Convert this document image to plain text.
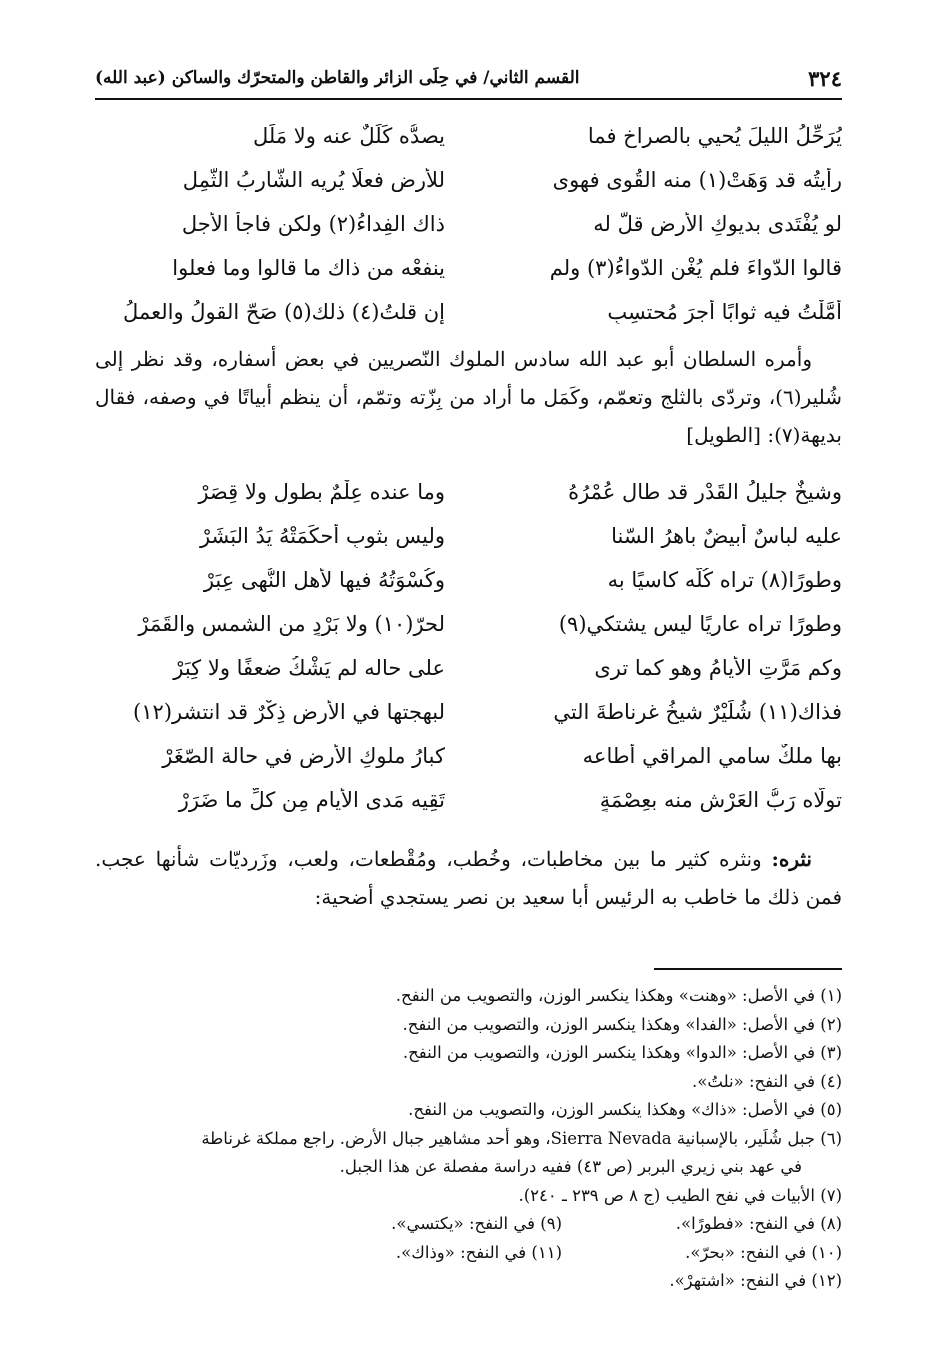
٣٢٤
القسم الثاني/ في حِلَى الزائر والقاطن والمتحرّك والساكن (عبد الله)
يُرَحِّلُ الليلَ يُحيي بالصراخ فما
يصدُّه كَلَلٌ عنه ولا مَلَل
رأيتُه قد وَهَتْ(١) منه القُوى فهوى
للأرض فعلًا يُريه الشّاربُ الثَّمِل
لو يُفْتَدى بديوكِ الأرض قلّ له
ذاك الفِداءُ(٢) ولكن فاجأ الأجل
قالوا الدّواءَ فلم يُغْنِ الدّواءُ(٣) ولم
ينفعْه من ذاك ما قالوا وما فعلوا
أمَّلْتُ فيه ثوابًا أجرَ مُحتسِبٍ
إن قلتُ(٤) ذلك(٥) صَحّ القولُ والعملُ

وأمره السلطان أبو عبد الله سادس الملوك النّصريين في بعض أسفاره، وقد نظر إلى شُلير(٦)، وتردّى بالثلج وتعمّم، وكَمَل ما أراد من بِزّته وتمّم، أن ينظم أبياتًا في وصفه، فقال بديهة(٧): [الطويل]

وشيخٌ جليلُ القَدْرِ قد طال عُمْرُهُ
وما عنده عِلْمٌ بطولٍ ولا قِصَرْ
عليه لباسٌ أبيضٌ باهرُ السّنا
وليس بثوبٍ أحكَمَتْهُ يَدُ البَشَرْ
وطورًا(٨) تراه كُلّه كاسيًا به
وكُسْوَتُهُ فيها لأهل النُّهى عِبَرْ
وطورًا تراه عاريًا ليس يشتكي(٩)
لحرّ(١٠) ولا بَرْدٍ من الشمس والقَمَرْ
وكم مَرَّتِ الأيامُ وهو كما ترى
على حاله لم يَشْكُ ضعفًا ولا كِبَرْ
فذاك(١١) شُلَيْرٌ شيخُ غرناطةَ التي
لبهجتها في الأرض ذِكْرٌ قد انتشر(١٢)
بها ملكٌ سامي المراقي أطاعه
كبارُ ملوكِ الأرض في حالة الصّغَرْ
تولّاه رَبُّ العَرْشِ منه بعِصْمَةٍ
تَقِيه مَدى الأيامِ مِن كلِّ ما ضَرَرْ

نثره: ونثره كثير ما بين مخاطبات، وخُطب، ومُقْطعات، ولعب، وزَرديّات شأنها عجب. فمن ذلك ما خاطب به الرئيس أبا سعيد بن نصر يستجدي أضحية:

(١) في الأصل: «وهنت» وهكذا ينكسر الوزن، والتصويب من النفح.
(٢) في الأصل: «الفدا» وهكذا ينكسر الوزن، والتصويب من النفح.
(٣) في الأصل: «الدوا» وهكذا ينكسر الوزن، والتصويب من النفح.
(٤) في النفح: «نلتُ».
(٥) في الأصل: «ذاك» وهكذا ينكسر الوزن، والتصويب من النفح.
(٦) جبل شُلَير، بالإسبانية Sierra Nevada، وهو أحد مشاهير جبال الأرض. راجع مملكة غرناطة
في عهد بني زيري البربر (ص ٤٣) ففيه دراسة مفصلة عن هذا الجبل.
(٧) الأبيات في نفح الطيب (ج ٨ ص ٢٣٩ ـ ٢٤٠).
(٨) في النفح: «فطورًا».
(٩) في النفح: «يكتسي».
(١٠) في النفح: «بحرّ».
(١١) في النفح: «وذاك».
(١٢) في النفح: «اشتهرْ».
